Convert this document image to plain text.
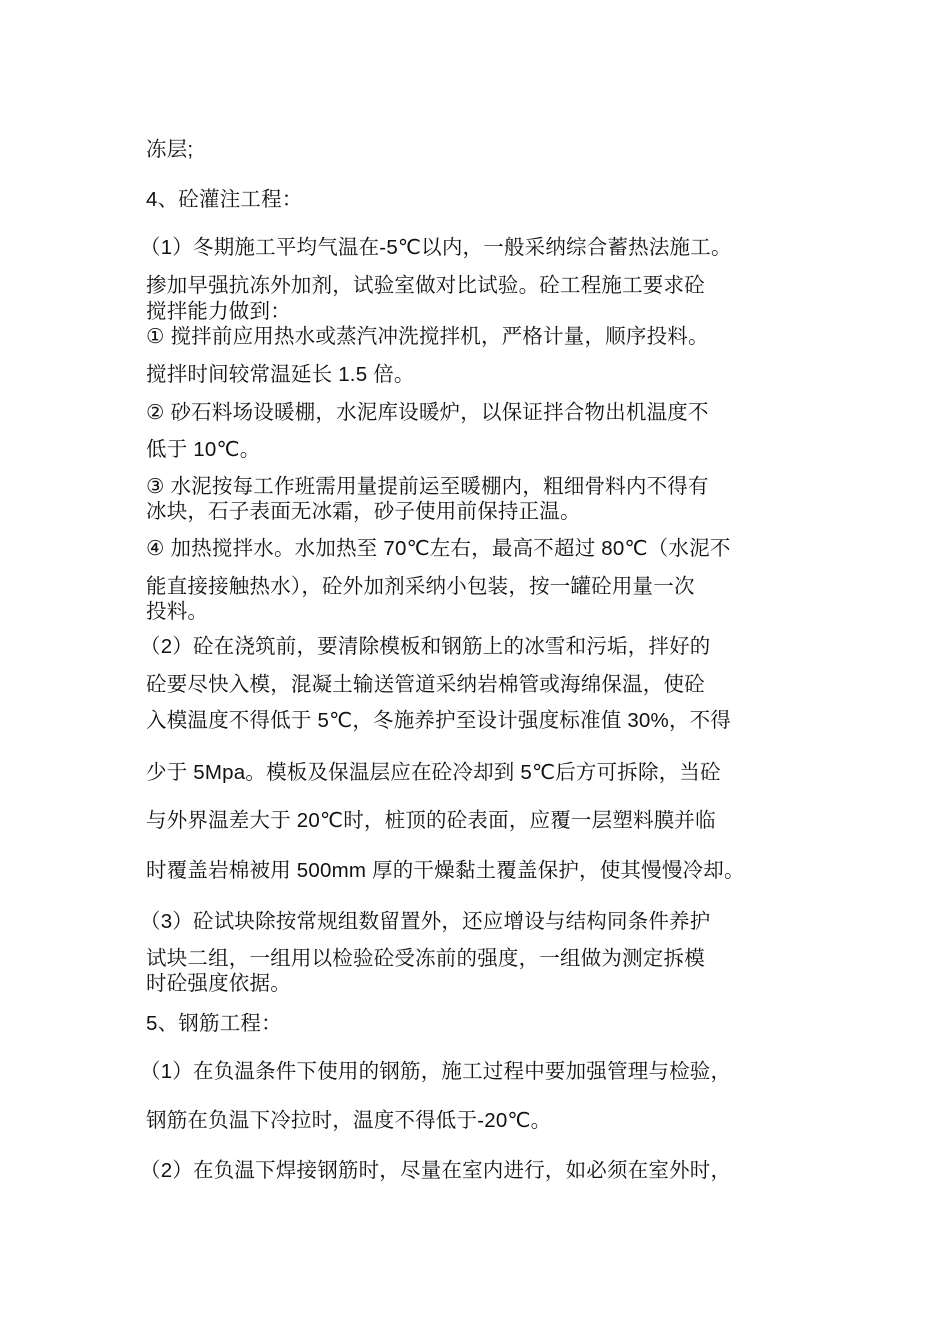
冻层;
4、砼灌注工程：
（1）冬期施工平均气温在-5℃以内，一般采纳综合蓄热法施工。
掺加早强抗冻外加剂，试验室做对比试验。砼工程施工要求砼
搅拌能力做到：
① 搅拌前应用热水或蒸汽冲洗搅拌机，严格计量，顺序投料。
搅拌时间较常温延长 1.5 倍。
② 砂石料场设暖棚，水泥库设暖炉，以保证拌合物出机温度不
低于 10℃。
③ 水泥按每工作班需用量提前运至暖棚内，粗细骨料内不得有
冰块，石子表面无冰霜，砂子使用前保持正温。
④ 加热搅拌水。水加热至 70℃左右，最高不超过 80℃（水泥不
能直接接触热水），砼外加剂采纳小包装，按一罐砼用量一次
投料。
（2）砼在浇筑前，要清除模板和钢筋上的冰雪和污垢，拌好的
砼要尽快入模，混凝土输送管道采纳岩棉管或海绵保温，使砼
入模温度不得低于 5℃，冬施养护至设计强度标准值 30%，不得
少于 5Mpa。模板及保温层应在砼冷却到 5℃后方可拆除，当砼
与外界温差大于 20℃时，桩顶的砼表面，应覆一层塑料膜并临
时覆盖岩棉被用 500mm 厚的干燥黏土覆盖保护，使其慢慢冷却。
（3）砼试块除按常规组数留置外，还应增设与结构同条件养护
试块二组，一组用以检验砼受冻前的强度，一组做为测定拆模
时砼强度依据。
5、钢筋工程：
（1）在负温条件下使用的钢筋，施工过程中要加强管理与检验，
钢筋在负温下冷拉时，温度不得低于-20℃。
（2）在负温下焊接钢筋时，尽量在室内进行，如必须在室外时，
